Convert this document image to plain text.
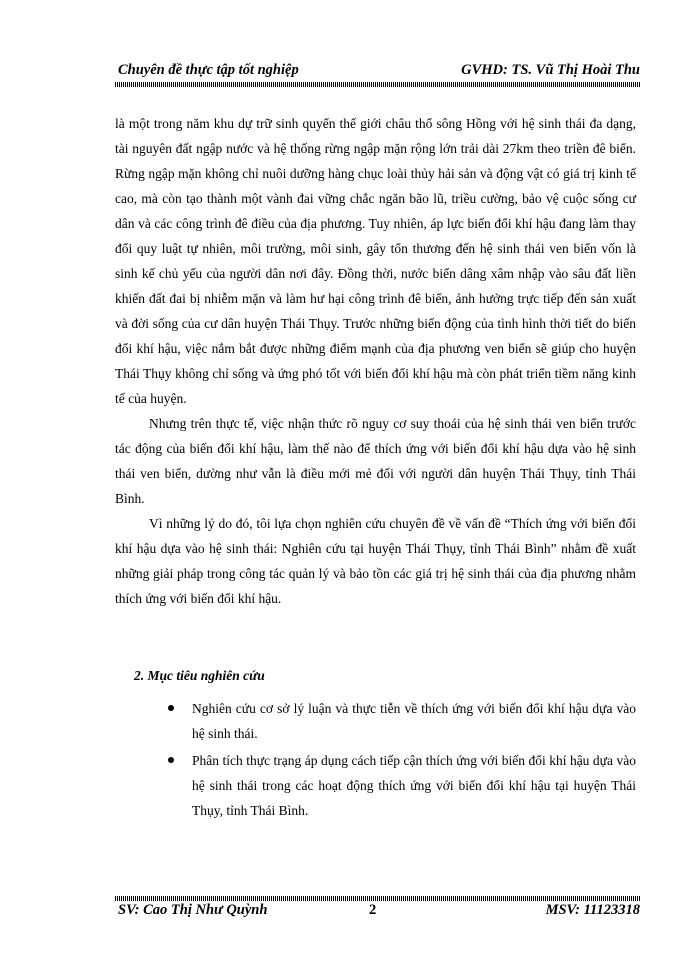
Chuyên đề thực tập tốt nghiệp	GVHD: TS. Vũ Thị Hoài Thu

là một trong năm khu dự trữ sinh quyển thế giới châu thổ sông Hồng với hệ sinh thái đa dạng, tài nguyên đất ngập nước và hệ thống rừng ngập mặn rộng lớn trải dài 27km theo triền đê biển. Rừng ngập mặn không chỉ nuôi dưỡng hàng chục loài thủy hải sản và động vật có giá trị kinh tế cao, mà còn tạo thành một vành đai vững chắc ngăn bão lũ, triều cường, bảo vệ cuộc sống cư dân và các công trình đê điều của địa phương. Tuy nhiên, áp lực biến đổi khí hậu đang làm thay đổi quy luật tự nhiên, môi trường, môi sinh, gây tổn thương đến hệ sinh thái ven biển vốn là sinh kế chủ yếu của người dân nơi đây. Đồng thời, nước biển dâng xâm nhập vào sâu đất liền khiến đất đai bị nhiễm mặn và làm hư hại công trình đê biển, ảnh hưởng trực tiếp đến sản xuất và đời sống của cư dân huyện Thái Thụy. Trước những biến động của tình hình thời tiết do biến đổi khí hậu, việc nắm bắt được những điểm mạnh của địa phương ven biển sẽ giúp cho huyện Thái Thụy không chỉ sống và ứng phó tốt với biến đổi khí hậu mà còn phát triển tiềm năng kinh tế của huyện.

Nhưng trên thực tế, việc nhận thức rõ nguy cơ suy thoái của hệ sinh thái ven biển trước tác động của biến đổi khí hậu, làm thế nào để thích ứng với biến đổi khí hậu dựa vào hệ sinh thái ven biển, dường như vẫn là điều mới mẻ đối với người dân huyện Thái Thụy, tỉnh Thái Bình.

Vì những lý do đó, tôi lựa chọn nghiên cứu chuyên đề về vấn đề “Thích ứng với biến đổi khí hậu dựa vào hệ sinh thái: Nghiên cứu tại huyện Thái Thụy, tỉnh Thái Bình” nhằm đề xuất những giải pháp trong công tác quản lý và bảo tồn các giá trị hệ sinh thái của địa phương nhằm thích ứng với biến đổi khí hậu.

2. Mục tiêu nghiên cứu
Nghiên cứu cơ sở lý luận và thực tiễn về thích ứng với biến đổi khí hậu dựa vào hệ sinh thái.
Phân tích thực trạng áp dụng cách tiếp cận thích ứng với biến đổi khí hậu dựa vào hệ sinh thái trong các hoạt động thích ứng với biến đổi khí hậu tại huyện Thái Thụy, tỉnh Thái Bình.
SV: Cao Thị Như Quỳnh	2	MSV: 11123318
